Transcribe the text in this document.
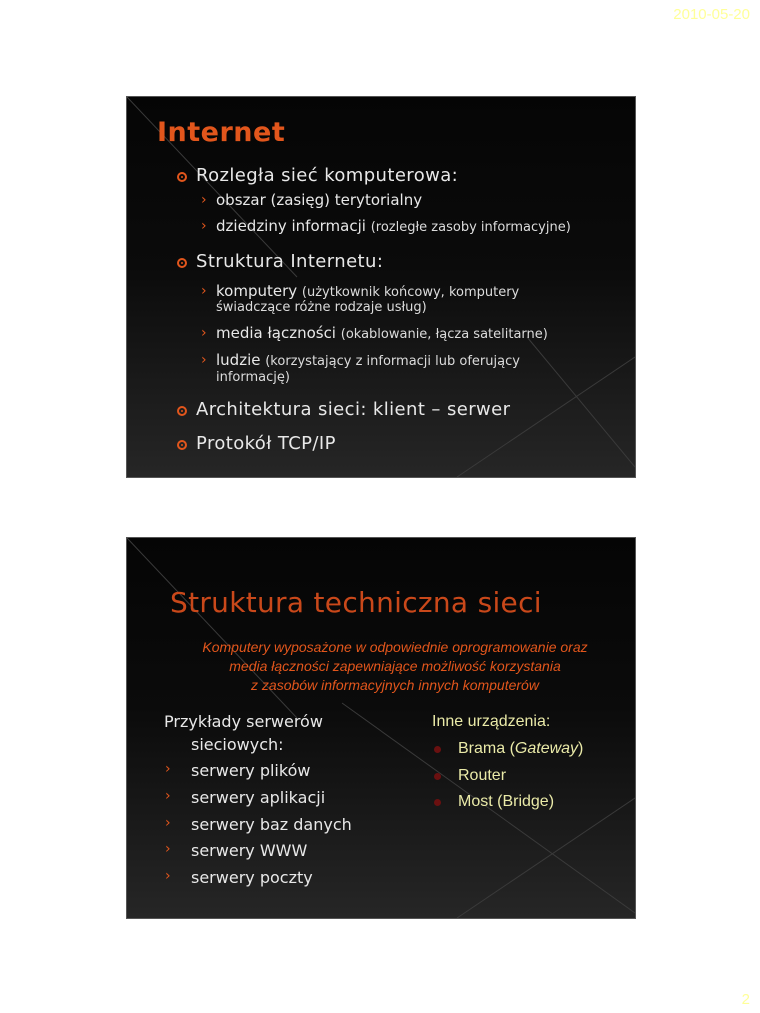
2010-05-20
Internet
Rozległa sieć komputerowa:
› obszar (zasięg) terytorialny
› dziedziny informacji (rozległe zasoby informacyjne)
Struktura Internetu:
› komputery (użytkownik końcowy, komputery
świadczące różne rodzaje usług)
› media łączności (okablowanie, łącza satelitarne)
› ludzie (korzystający z informacji lub oferujący
informację)
Architektura sieci: klient – serwer
Protokół TCP/IP
Struktura techniczna sieci
Komputery wyposażone w odpowiednie oprogramowanie oraz
media łączności zapewniające możliwość korzystania
z zasobów informacyjnych innych komputerów
Przykłady serwerów
sieciowych:
› serwery plików
› serwery aplikacji
› serwery baz danych
› serwery WWW
› serwery poczty
Inne urządzenia:
Brama (Gateway)
Router
Most (Bridge)
2
